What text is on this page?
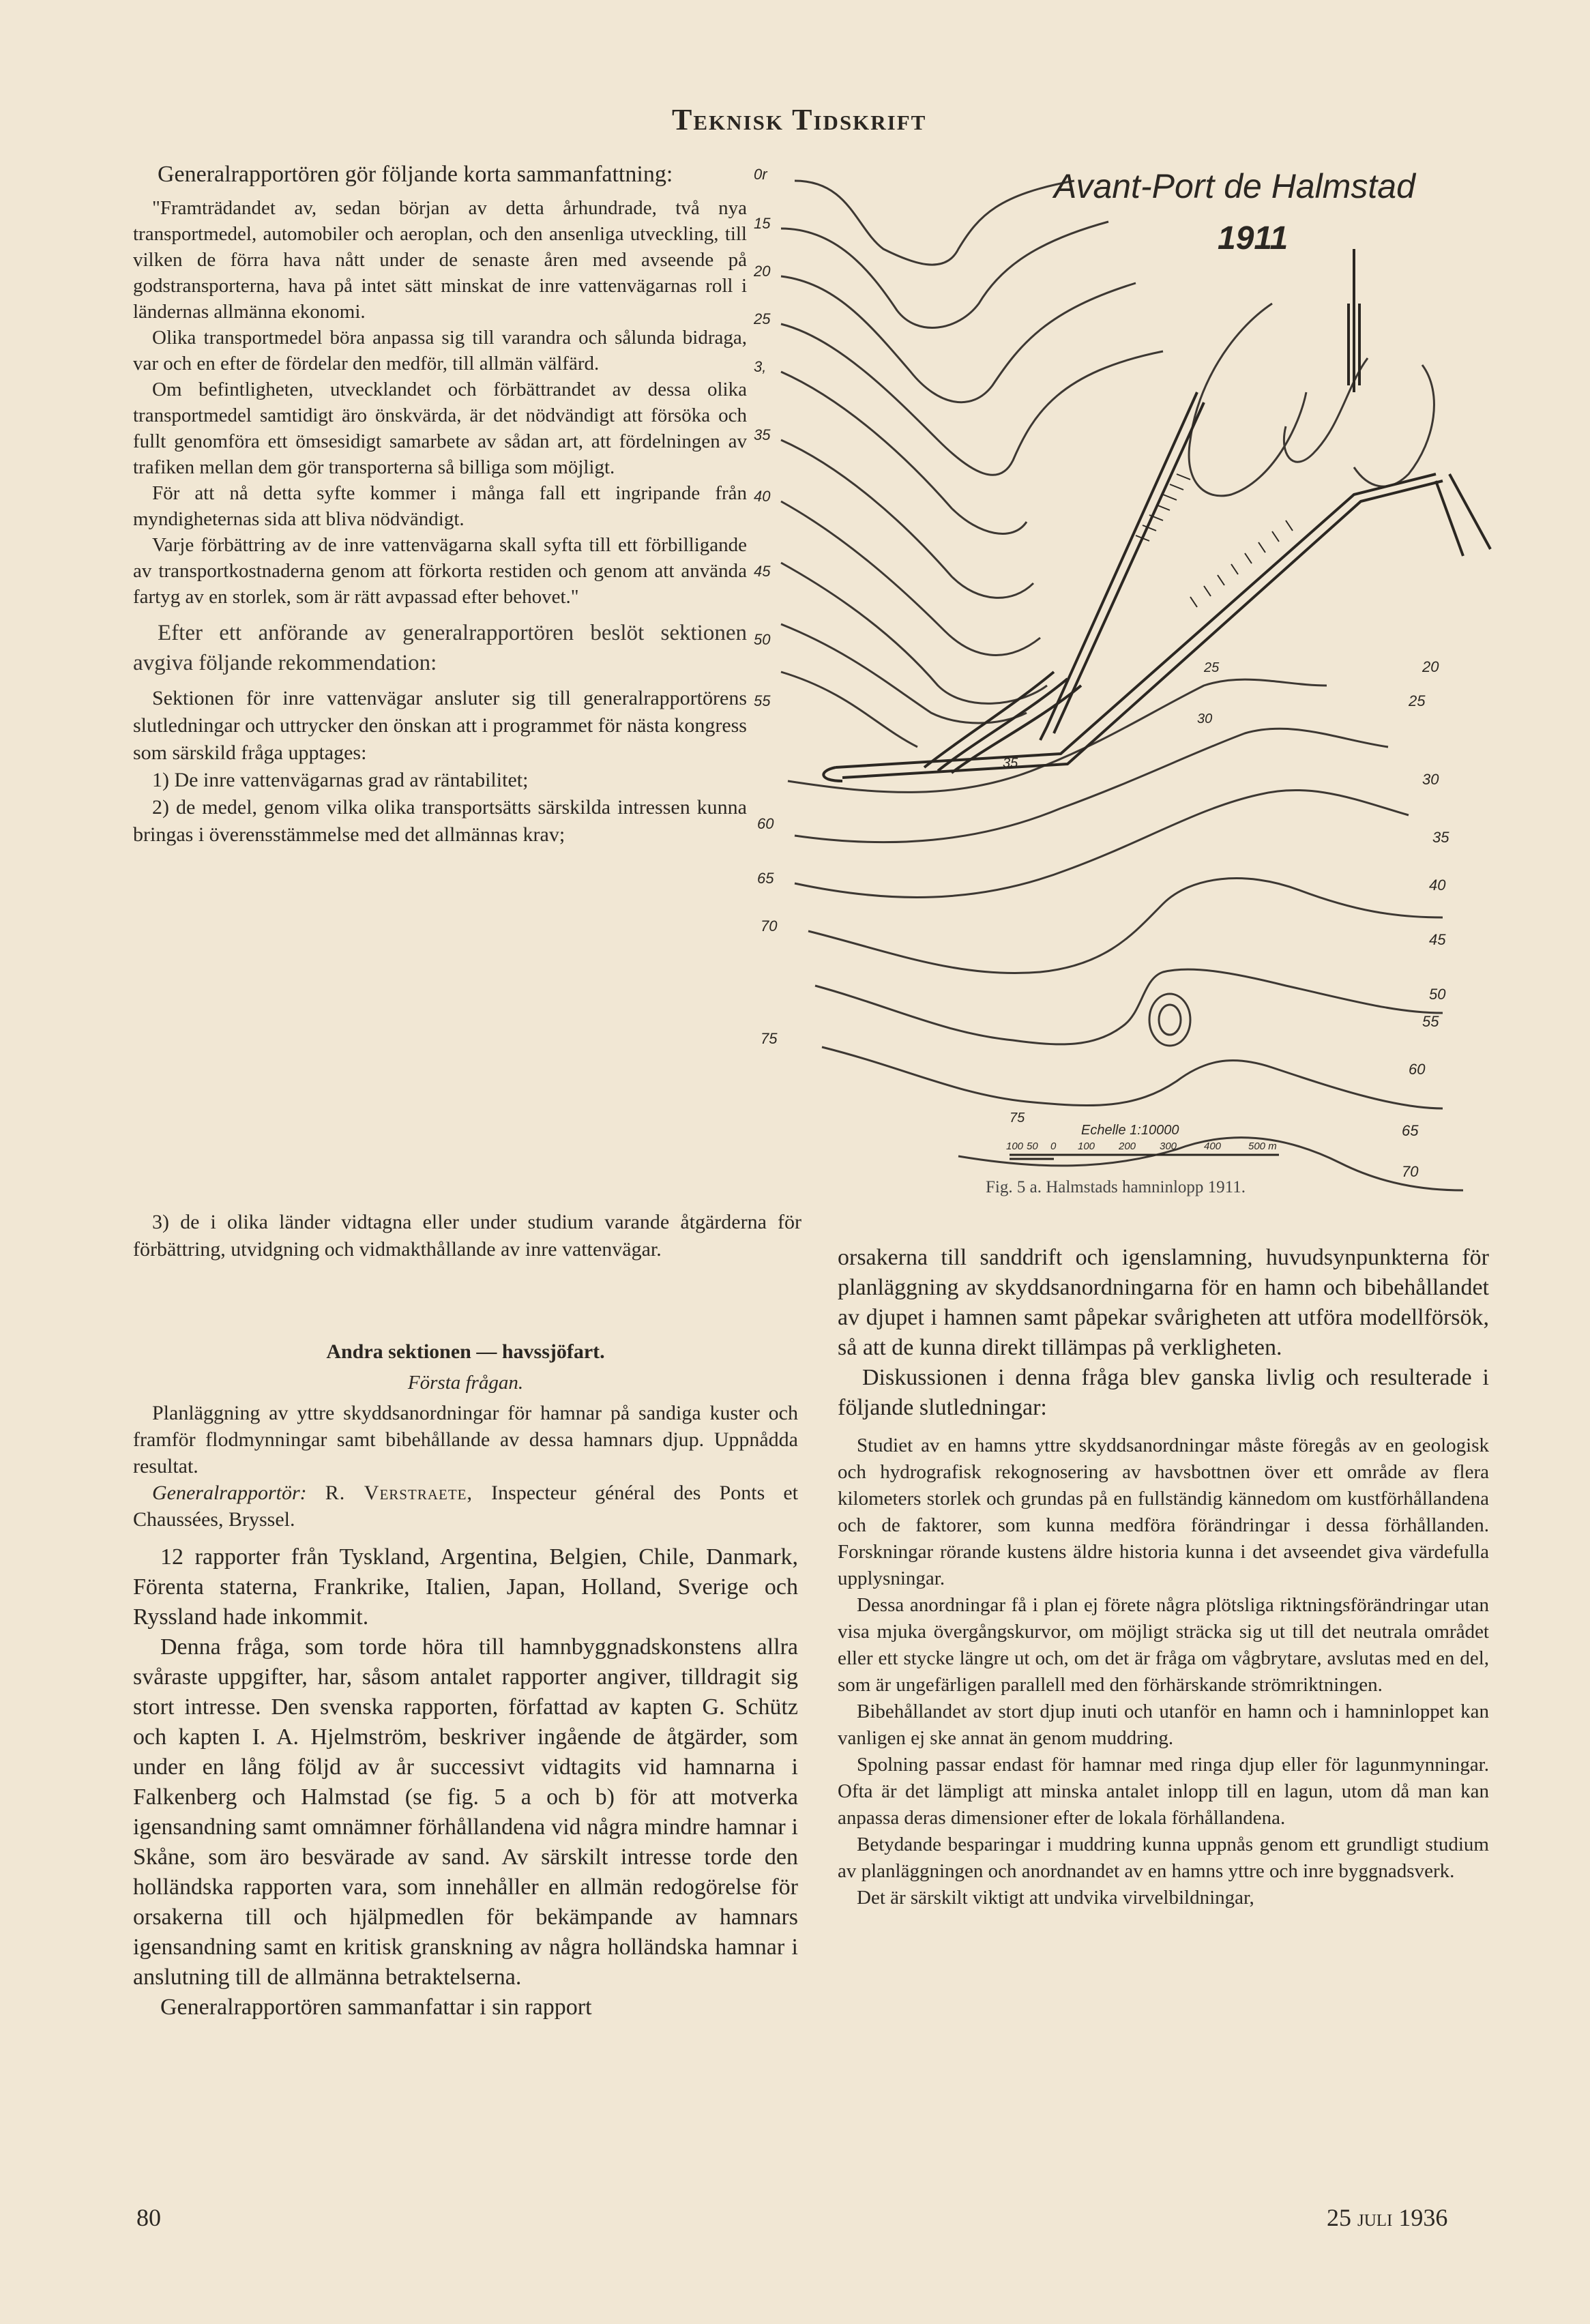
Teknisk Tidskrift

Generalrapportören gör följande korta sammanfattning:

"Framträdandet av, sedan början av detta århundrade, två nya transportmedel, automobiler och aeroplan, och den ansenliga utveckling, till vilken de förra hava nått under de senaste åren med avseende på godstransporterna, hava på intet sätt minskat de inre vattenvägarnas roll i ländernas allmänna ekonomi.

Olika transportmedel böra anpassa sig till varandra och sålunda bidraga, var och en efter de fördelar den medför, till allmän välfärd.

Om befintligheten, utvecklandet och förbättrandet av dessa olika transportmedel samtidigt äro önskvärda, är det nödvändigt att försöka och fullt genomföra ett ömsesidigt samarbete av sådan art, att fördelningen av trafiken mellan dem gör transporterna så billiga som möjligt.

För att nå detta syfte kommer i många fall ett ingripande från myndigheternas sida att bliva nödvändigt.

Varje förbättring av de inre vattenvägarna skall syfta till ett förbilligande av transportkostnaderna genom att förkorta restiden och genom att använda fartyg av en storlek, som är rätt avpassad efter behovet."

Efter ett anförande av generalrapportören beslöt sektionen avgiva följande rekommendation:

Sektionen för inre vattenvägar ansluter sig till generalrapportörens slutledningar och uttrycker den önskan att i programmet för nästa kongress som särskild fråga upptages:

1) De inre vattenvägarnas grad av räntabilitet;

2) de medel, genom vilka olika transportsätts särskilda intressen kunna bringas i överensstämmelse med det allmännas krav;

3) de i olika länder vidtagna eller under studium varande åtgärderna för förbättring, utvidgning och vidmakthållande av inre vattenvägar.

Andra sektionen — havssjöfart.

Första frågan.

Planläggning av yttre skyddsanordningar för hamnar på sandiga kuster och framför flodmynningar samt bibehållande av dessa hamnars djup. Uppnådda resultat.

Generalrapportör: R. Verstraete, Inspecteur général des Ponts et Chaussées, Bryssel.

12 rapporter från Tyskland, Argentina, Belgien, Chile, Danmark, Förenta staterna, Frankrike, Italien, Japan, Holland, Sverige och Ryssland hade inkommit.

Denna fråga, som torde höra till hamnbyggnadskonstens allra svåraste uppgifter, har, såsom antalet rapporter angiver, tilldragit sig stort intresse. Den svenska rapporten, författad av kapten G. Schütz och kapten I. A. Hjelmström, beskriver ingående de åtgärder, som under en lång följd av år successivt vidtagits vid hamnarna i Falkenberg och Halmstad (se fig. 5 a och b) för att motverka igensandning samt omnämner förhållandena vid några mindre hamnar i Skåne, som äro besvärade av sand. Av särskilt intresse torde den holländska rapporten vara, som innehåller en allmän redogörelse för orsakerna till och hjälpmedlen för bekämpande av hamnars igensandning samt en kritisk granskning av några holländska hamnar i anslutning till de allmänna betraktelserna.

Generalrapportören sammanfattar i sin rapport

Avant-Port de Halmstad
1911
0r
15
20
25
3,
35
40
45
50
55
60
65
70
75
20
25
30
35
40
45
50
55
60
65
70
25
30
35
75
Echelle 1:10000
100 50 0 100 200 300	400	500 m
Fig. 5 a. Halmstads hamninlopp 1911.

orsakerna till sanddrift och igenslamning, huvudsynpunkterna för planläggning av skyddsanordningarna för en hamn och bibehållandet av djupet i hamnen samt påpekar svårigheten att utföra modellförsök, så att de kunna direkt tillämpas på verkligheten.

Diskussionen i denna fråga blev ganska livlig och resulterade i följande slutledningar:

Studiet av en hamns yttre skyddsanordningar måste föregås av en geologisk och hydrografisk rekognosering av havsbottnen över ett område av flera kilometers storlek och grundas på en fullständig kännedom om kustförhållandena och de faktorer, som kunna medföra förändringar i dessa förhållanden. Forskningar rörande kustens äldre historia kunna i det avseendet giva värdefulla upplysningar.

Dessa anordningar få i plan ej förete några plötsliga riktningsförändringar utan visa mjuka övergångskurvor, om möjligt sträcka sig ut till det neutrala området eller ett stycke längre ut och, om det är fråga om vågbrytare, avslutas med en del, som är ungefärligen parallell med den förhärskande strömriktningen.

Bibehållandet av stort djup inuti och utanför en hamn och i hamninloppet kan vanligen ej ske annat än genom muddring.

Spolning passar endast för hamnar med ringa djup eller för lagunmynningar. Ofta är det lämpligt att minska antalet inlopp till en lagun, utom då man kan anpassa deras dimensioner efter de lokala förhållandena.

Betydande besparingar i muddring kunna uppnås genom ett grundligt studium av planläggningen och anordnandet av en hamns yttre och inre byggnadsverk.

Det är särskilt viktigt att undvika virvelbildningar,

80	25 juli 1936
